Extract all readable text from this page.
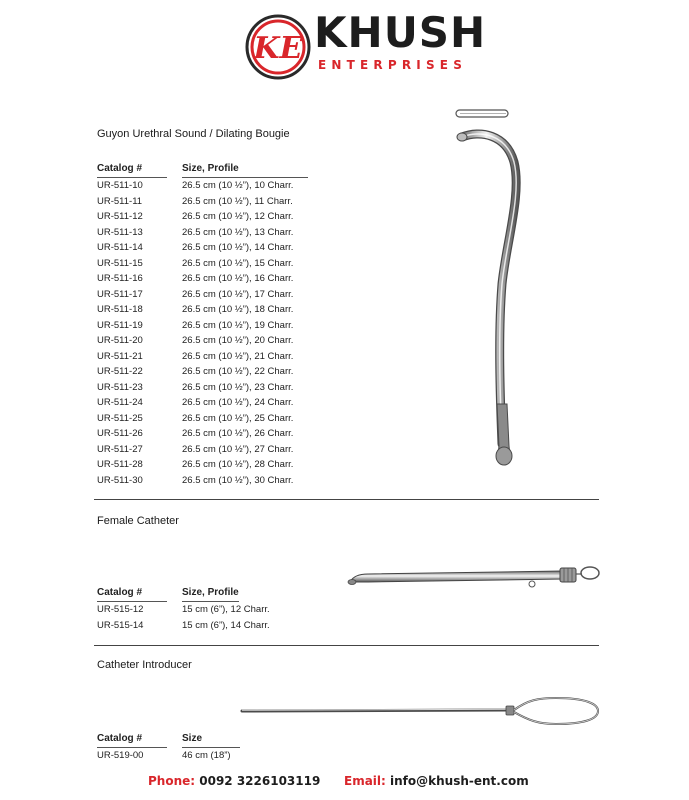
KE KHUSH
ENTERPRISES
Guyon Urethral Sound / Dilating Bougie
Catalog #	Size, Profile
UR-511-10	26.5 cm (10 ½”), 10 Charr.
UR-511-11	26.5 cm (10 ½”), 11 Charr.
UR-511-12	26.5 cm (10 ½”), 12 Charr.
UR-511-13	26.5 cm (10 ½”), 13 Charr.
UR-511-14	26.5 cm (10 ½”), 14 Charr.
UR-511-15	26.5 cm (10 ½”), 15 Charr.
UR-511-16	26.5 cm (10 ½”), 16 Charr.
UR-511-17	26.5 cm (10 ½”), 17 Charr.
UR-511-18	26.5 cm (10 ½”), 18 Charr.
UR-511-19	26.5 cm (10 ½”), 19 Charr.
UR-511-20	26.5 cm (10 ½”), 20 Charr.
UR-511-21	26.5 cm (10 ½”), 21 Charr.
UR-511-22	26.5 cm (10 ½”), 22 Charr.
UR-511-23	26.5 cm (10 ½”), 23 Charr.
UR-511-24	26.5 cm (10 ½”), 24 Charr.
UR-511-25	26.5 cm (10 ½”), 25 Charr.
UR-511-26	26.5 cm (10 ½”), 26 Charr.
UR-511-27	26.5 cm (10 ½”), 27 Charr.
UR-511-28	26.5 cm (10 ½”), 28 Charr.
UR-511-30	26.5 cm (10 ½”), 30 Charr.
Female Catheter
Catalog #	Size, Profile
UR-515-12	15 cm (6”), 12 Charr.
UR-515-14	15 cm (6”), 14 Charr.
Catheter Introducer
Catalog #	Size
UR-519-00	46 cm (18”)
Phone: 0092 3226103119 Email: info@khush-ent.com
